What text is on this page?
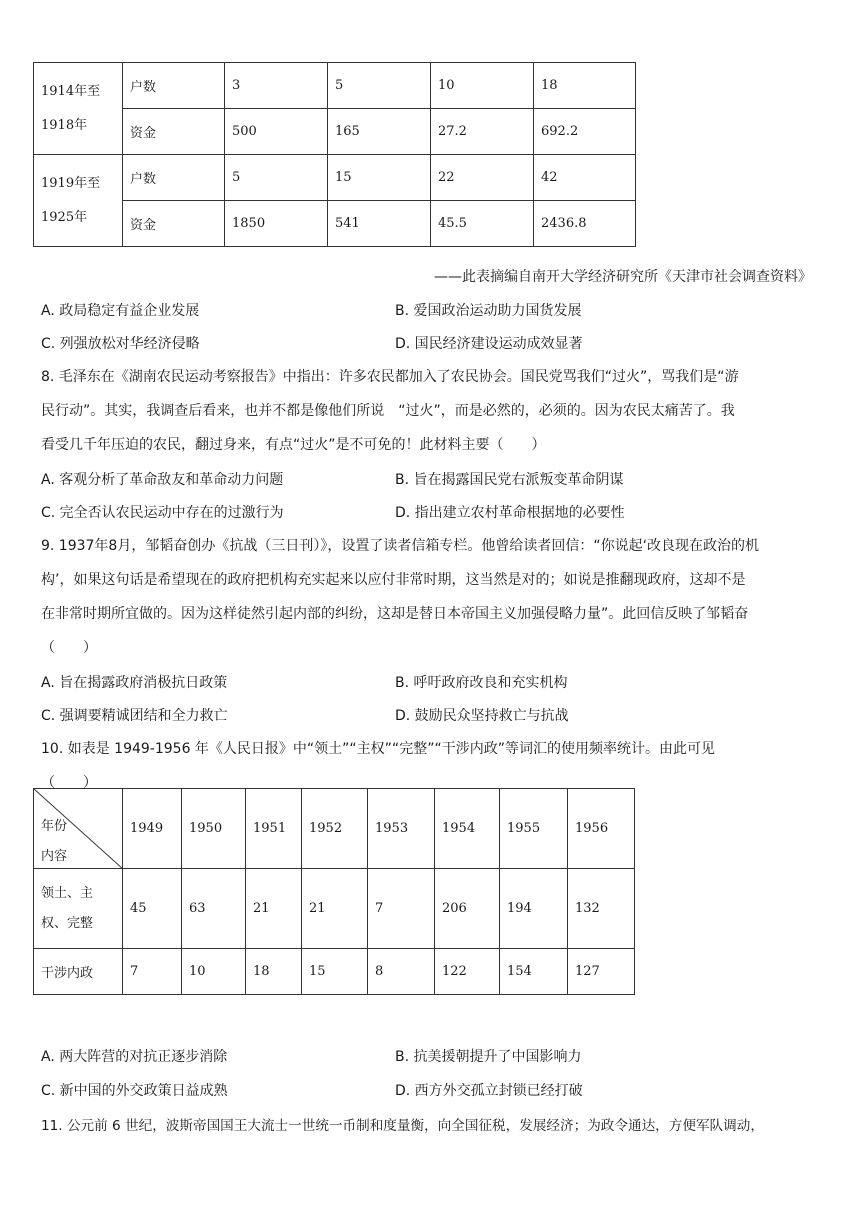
1914年至
1918年	户数	3	5	10	18
	资金	500	165	27.2	692.2
1919年至
1925年	户数	5	15	22	42
	资金	1850	541	45.5	2436.8
——此表摘编自南开大学经济研究所《天津市社会调查资料》
A. 政局稳定有益企业发展	B. 爱国政治运动助力国货发展
C. 列强放松对华经济侵略	D. 国民经济建设运动成效显著
8. 毛泽东在《湖南农民运动考察报告》中指出：许多农民都加入了农民协会。国民党骂我们“过火”，骂我们是“游
民行动”。其实，我调查后看来，也并不都是像他们所说　“过火”，而是必然的，必须的。因为农民太痛苦了。我
看受几千年压迫的农民，翻过身来，有点“过火”是不可免的！此材料主要（　　）
A. 客观分析了革命敌友和革命动力问题	B. 旨在揭露国民党右派叛变革命阴谋
C. 完全否认农民运动中存在的过激行为	D. 指出建立农村革命根据地的必要性
9. 1937年8月，邹韬奋创办《抗战（三日刊）》，设置了读者信箱专栏。他曾给读者回信：“你说起‘改良现在政治的机
构’，如果这句话是希望现在的政府把机构充实起来以应付非常时期，这当然是对的；如说是推翻现政府，这却不是
在非常时期所宜做的。因为这样徒然引起内部的纠纷，这却是替日本帝国主义加强侵略力量”。此回信反映了邹韬奋
（　　）
A. 旨在揭露政府消极抗日政策	B. 呼吁政府改良和充实机构
C. 强调要精诚团结和全力救亡	D. 鼓励民众坚持救亡与抗战
10. 如表是 1949-1956 年《人民日报》中“领土”“主权”“完整”“干涉内政”等词汇的使用频率统计。由此可见
（　　）
年份
内容	1949	1950	1951	1952	1953	1954	1955	1956
领土、主
权、完整	45	63	21	21	7	206	194	132
干涉内政	7	10	18	15	8	122	154	127
A. 两大阵营的对抗正逐步消除	B. 抗美援朝提升了中国影响力
C. 新中国的外交政策日益成熟	D. 西方外交孤立封锁已经打破
11. 公元前 6 世纪，波斯帝国国王大流士一世统一币制和度量衡，向全国征税，发展经济；为政令通达，方便军队调动，
